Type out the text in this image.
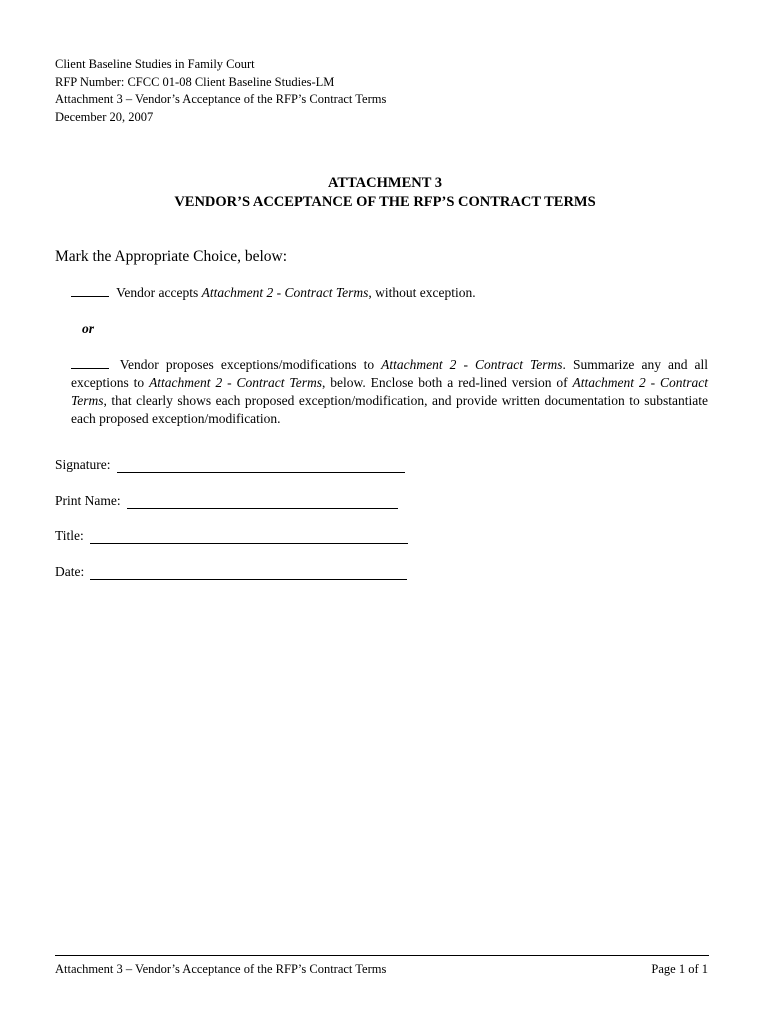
Client Baseline Studies in Family Court
RFP Number: CFCC 01-08 Client Baseline Studies-LM
Attachment 3 – Vendor’s Acceptance of the RFP’s Contract Terms
December 20, 2007
ATTACHMENT 3
VENDOR’S ACCEPTANCE OF THE RFP’S CONTRACT TERMS
Mark the Appropriate Choice, below:
Vendor accepts Attachment 2 - Contract Terms, without exception.
or
Vendor proposes exceptions/modifications to Attachment 2 - Contract Terms. Summarize any and all exceptions to Attachment 2 - Contract Terms, below. Enclose both a red-lined version of Attachment 2 - Contract Terms, that clearly shows each proposed exception/modification, and provide written documentation to substantiate each proposed exception/modification.
Signature:
Print Name:
Title:
Date:
Attachment 3 – Vendor’s Acceptance of the RFP’s Contract Terms	Page 1 of 1
